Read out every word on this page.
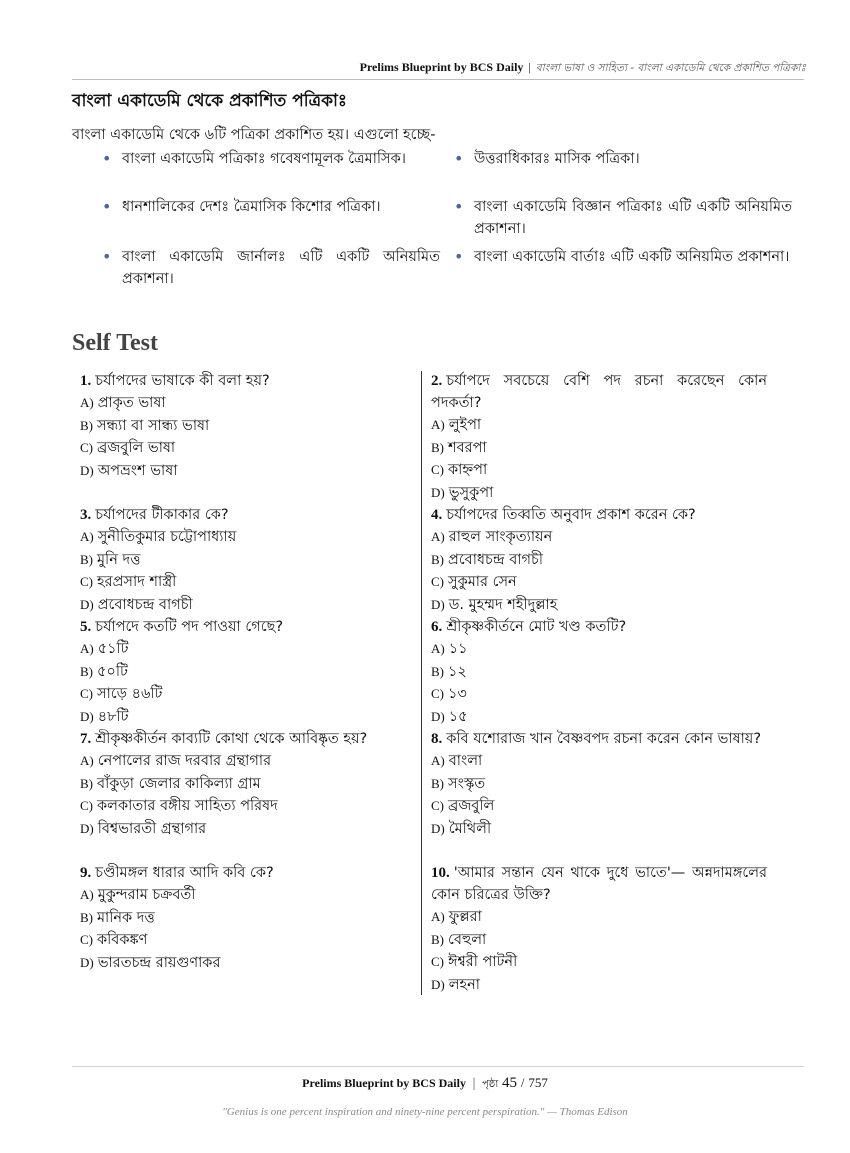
Prelims Blueprint by BCS Daily | বাংলা ভাষা ও সাহিত্য - বাংলা একাডেমি থেকে প্রকাশিত পত্রিকাঃ
বাংলা একাডেমি থেকে প্রকাশিত পত্রিকাঃ

বাংলা একাডেমি থেকে ৬টি পত্রিকা প্রকাশিত হয়। এগুলো হচ্ছে-

• বাংলা একাডেমি পত্রিকাঃ গবেষণামূলক ত্রৈমাসিক।	• উত্তরাধিকারঃ মাসিক পত্রিকা।
• ধানশালিকের দেশঃ ত্রৈমাসিক কিশোর পত্রিকা।	• বাংলা একাডেমি বিজ্ঞান পত্রিকাঃ এটি একটি অনিয়মিত প্রকাশনা।
• বাংলা একাডেমি জার্নালঃ এটি একটি অনিয়মিত প্রকাশনা।
• বাংলা একাডেমি বার্তাঃ এটি একটি অনিয়মিত প্রকাশনা।
Self Test
1. চর্যাপদের ভাষাকে কী বলা হয়?
A) প্রাকৃত ভাষা
B) সন্ধ্যা বা সান্ধ্য ভাষা
C) ব্রজবুলি ভাষা
D) অপভ্রংশ ভাষা
3. চর্যাপদের টীকাকার কে?
A) সুনীতিকুমার চট্টোপাধ্যায়
B) মুনি দত্ত
C) হরপ্রসাদ শাস্ত্রী
D) প্রবোধচন্দ্র বাগচী
5. চর্যাপদে কতটি পদ পাওয়া গেছে?
A) ৫১টি
B) ৫০টি
C) সাড়ে ৪৬টি
D) ৪৮টি
7. শ্রীকৃষ্ণকীর্তন কাব্যটি কোথা থেকে আবিষ্কৃত হয়?
A) নেপালের রাজ দরবার গ্রন্থাগার
B) বাঁকুড়া জেলার কাকিল্যা গ্রাম
C) কলকাতার বঙ্গীয় সাহিত্য পরিষদ
D) বিশ্বভারতী গ্রন্থাগার
9. চণ্ডীমঙ্গল ধারার আদি কবি কে?
A) মুকুন্দরাম চক্রবর্তী
B) মানিক দত্ত
C) কবিকঙ্কণ
D) ভারতচন্দ্র রায়গুণাকর
2. চর্যাপদে সবচেয়ে বেশি পদ রচনা করেছেন কোন পদকর্তা?
A) লুইপা
B) শবরপা
C) কাহ্নপা
D) ভুসুকুপা
4. চর্যাপদের তিব্বতি অনুবাদ প্রকাশ করেন কে?
A) রাহুল সাংকৃত্যায়ন
B) প্রবোধচন্দ্র বাগচী
C) সুকুমার সেন
D) ড. মুহম্মদ শহীদুল্লাহ
6. শ্রীকৃষ্ণকীর্তনে মোট খণ্ড কতটি?
A) ১১
B) ১২
C) ১৩
D) ১৫
8. কবি যশোরাজ খান বৈষ্ণবপদ রচনা করেন কোন ভাষায়?
A) বাংলা
B) সংস্কৃত
C) ব্রজবুলি
D) মৈথিলী
10. 'আমার সন্তান যেন থাকে দুধে ভাতে'— অন্নদামঙ্গলের কোন চরিত্রের উক্তি?
A) ফুল্লরা
B) বেহুলা
C) ঈশ্বরী পাটনী
D) লহনা
Prelims Blueprint by BCS Daily | পৃষ্ঠা 45 / 757
"Genius is one percent inspiration and ninety-nine percent perspiration." — Thomas Edison
